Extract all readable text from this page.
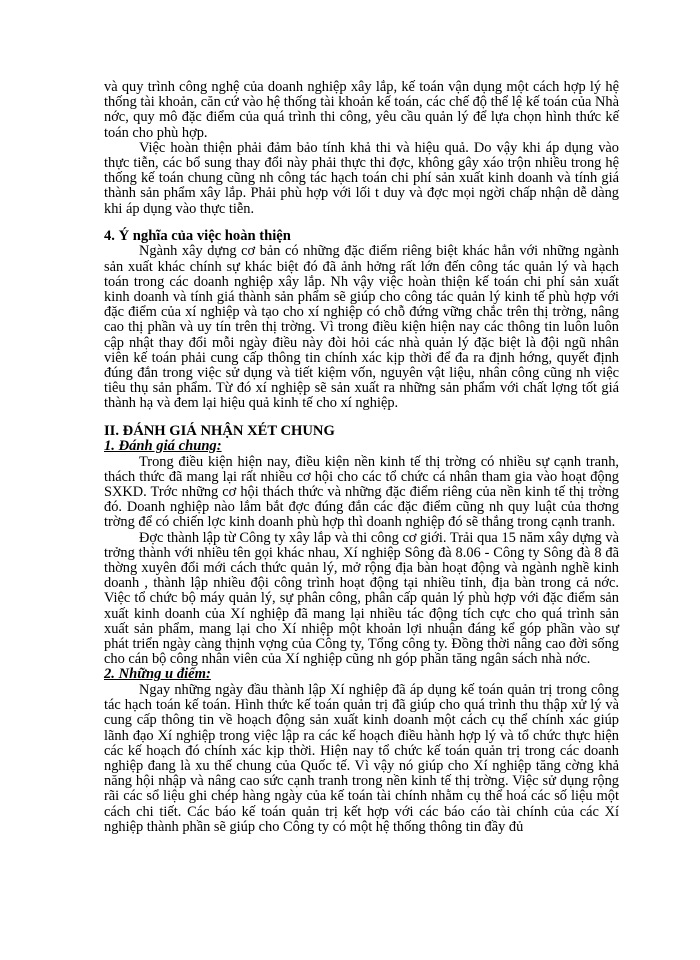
và quy trình công nghệ của doanh nghiệp xây lắp, kế toán vận dụng một cách hợp lý hệ thống tài khoản, căn cứ vào hệ thống tài khoản kế toán, các chế độ thể lệ kế toán của Nhà nớc, quy mô đặc điểm của quá trình thi công, yêu cầu quản lý để lựa chọn hình thức kế toán cho phù hợp.

Việc hoàn thiện phải đảm bảo tính khả thi và hiệu quả. Do vậy khi áp dụng vào thực tiễn, các bổ sung thay đổi này phải thực thi đợc, không gây xáo trộn nhiều trong hệ thống kế toán chung cũng nh công tác hạch toán chi phí sản xuất kinh doanh và tính giá thành sản phẩm xây lắp. Phải phù hợp với lối t duy và đợc mọi ngời chấp nhận dễ dàng khi áp dụng vào thực tiễn.

4. Ý nghĩa của việc hoàn thiện

Ngành xây dựng cơ bản có những đặc điểm riêng biệt khác hẳn với những ngành sản xuất khác chính sự khác biệt đó đã ảnh hởng rất lớn đến công tác quản lý và hạch toán trong các doanh nghiệp xây lắp. Nh vậy việc hoàn thiện kế toán chi phí sản xuất kinh doanh và tính giá thành sản phẩm sẽ giúp cho công tác quản lý kinh tế phù hợp với đặc điểm của xí nghiệp và tạo cho xí nghiệp có chỗ đứng vững chắc trên thị trờng, nâng cao thị phần và uy tín trên thị trờng. Vì trong điều kiện hiện nay các thông tin luôn luôn cập nhật thay đổi mỗi ngày điều này đòi hỏi các nhà quản lý đặc biệt là đội ngũ nhân viên kế toán phải cung cấp thông tin chính xác kịp thời để đa ra định hớng, quyết định đúng đắn trong việc sử dụng và tiết kiệm vốn, nguyên vật liệu, nhân công cũng nh việc tiêu thụ sản phẩm. Từ đó xí nghiệp sẽ sản xuất ra những sản phẩm với chất lợng tốt giá thành hạ và đem lại hiệu quả kinh tế cho xí nghiệp.

II. ĐÁNH GIÁ NHẬN XÉT CHUNG
1. Đánh giá chung:

Trong điều kiện hiện nay, điều kiện nền kinh tế thị trờng có nhiều sự cạnh tranh, thách thức đã mang lại rất nhiều cơ hội cho các tổ chức cá nhân tham gia vào hoạt động SXKD. Trớc những cơ hội thách thức và những đặc điểm riêng của nền kinh tế thị trờng đó. Doanh nghiệp nào lắm bắt đợc đúng đắn các đặc điểm cũng nh quy luật của thơng trờng để có chiến lợc kinh doanh phù hợp thì doanh nghiệp đó sẽ thắng trong cạnh tranh.

Đợc thành lập từ Công ty xây lắp và thi công cơ giới. Trải qua 15 năm xây dựng và trởng thành với nhiều tên gọi khác nhau, Xí nghiệp Sông đà 8.06 - Công ty Sông đà 8 đã thờng xuyên đổi mới cách thức quản lý, mở rộng địa bàn hoạt động và ngành nghề kinh doanh , thành lập nhiều đội công trình hoạt động tại nhiều tỉnh, địa bàn trong cả nớc. Việc tổ chức bộ máy quản lý, sự phân công, phân cấp quản lý phù hợp với đặc điểm sản xuất kinh doanh của Xí nghiệp đã mang lại nhiều tác động tích cực cho quá trình sản xuất sản phẩm, mang lại cho Xí nhiệp một khoản lợi nhuận đáng kể góp phần vào sự phát triển ngày càng thịnh vợng của Công ty, Tổng công ty. Đồng thời nâng cao đời sống cho cán bộ công nhân viên của Xí nghiệp cũng nh góp phần tăng ngân sách nhà nớc.

2. Những u điểm:

Ngay những ngày đầu thành lập Xí nghiệp đã áp dụng kế toán quản trị trong công tác hạch toán kế toán. Hình thức kế toán quản trị đã giúp cho quá trình thu thập xử lý và cung cấp thông tin về hoạch động sản xuất kinh doanh một cách cụ thể chính xác giúp lãnh đạo Xí nghiệp trong việc lập ra các kế hoạch điều hành hợp lý và tổ chức thực hiện các kế hoạch đó chính xác kịp thời. Hiện nay tổ chức kế toán quản trị trong các doanh nghiệp đang là xu thế chung của Quốc tế. Vì vậy nó giúp cho Xí nghiệp tăng cờng khả năng hội nhập và nâng cao sức cạnh tranh trong nền kinh tế thị trờng. Việc sử dụng rộng rãi các sổ liệu ghi chép hàng ngày của kế toán tài chính nhằm cụ thể hoá các số liệu một cách chi tiết. Các báo kế toán quản trị kết hợp với các báo cáo tài chính của các Xí nghiệp thành phần sẽ giúp cho Công ty có một hệ thống thông tin đầy đủ
